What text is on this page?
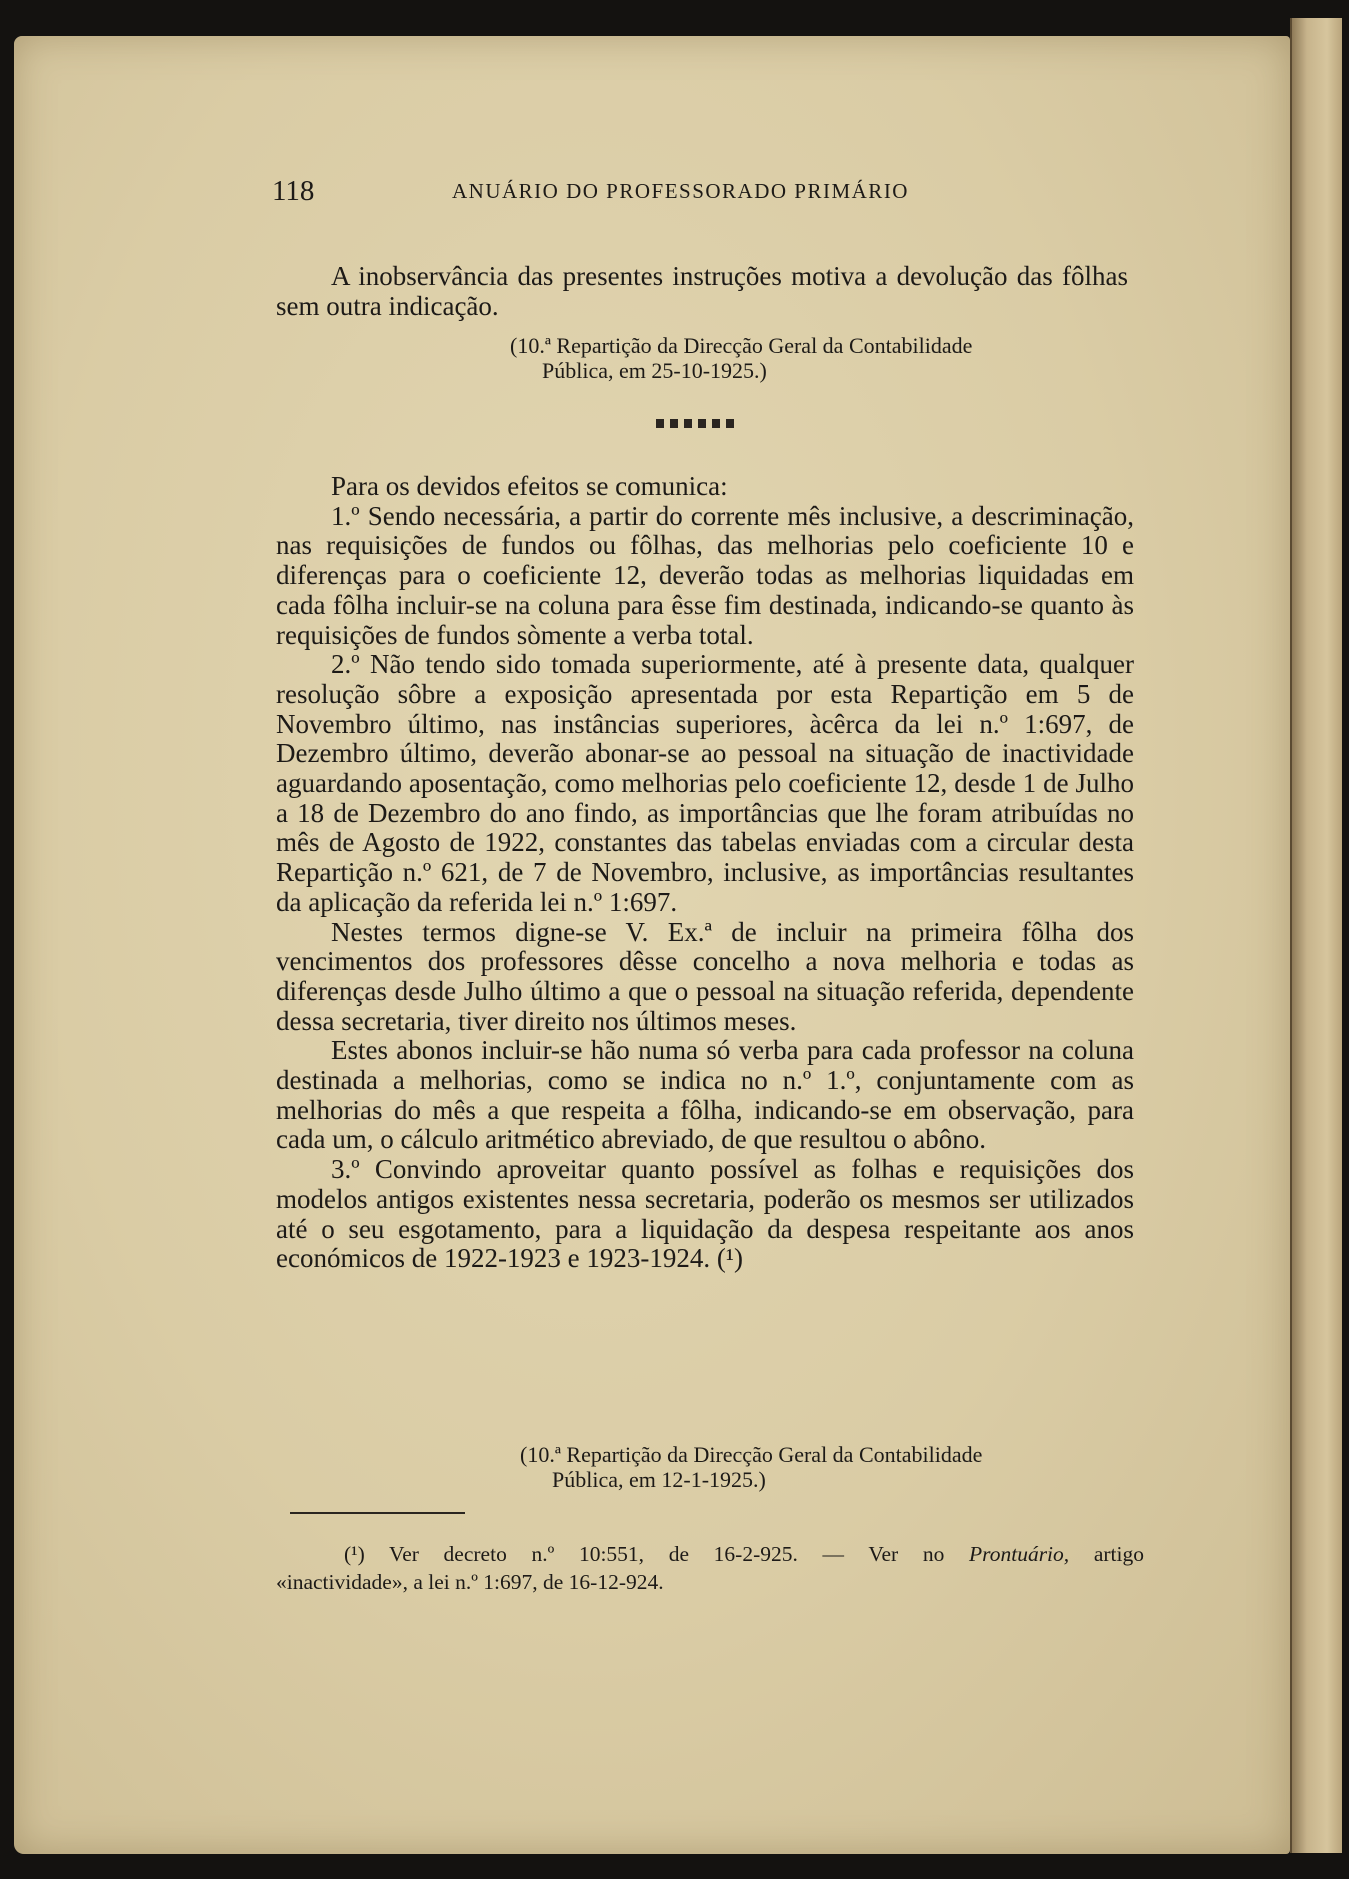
118	ANUÁRIO DO PROFESSORADO PRIMÁRIO

A inobservância das presentes instruções motiva a devolução das fôlhas sem outra indicação.

(10.ª Repartição da Direcção Geral da Contabilidade
Pública, em 25-10-1925.)

Para os devidos efeitos se comunica:

1.º Sendo necessária, a partir do corrente mês inclusive, a descriminação, nas requisições de fundos ou fôlhas, das melhorias pelo coeficiente 10 e diferenças para o coeficiente 12, deverão todas as melhorias liquidadas em cada fôlha incluir-se na coluna para êsse fim destinada, indicando-se quanto às requisições de fundos sòmente a verba total.

2.º Não tendo sido tomada superiormente, até à presente data, qualquer resolução sôbre a exposição apresentada por esta Repartição em 5 de Novembro último, nas instâncias superiores, àcêrca da lei n.º 1:697, de Dezembro último, deverão abonar-se ao pessoal na situação de inactividade aguardando aposentação, como melhorias pelo coeficiente 12, desde 1 de Julho a 18 de Dezembro do ano findo, as importâncias que lhe foram atribuídas no mês de Agosto de 1922, constantes das tabelas enviadas com a circular desta Repartição n.º 621, de 7 de Novembro, inclusive, as importâncias resultantes da aplicação da referida lei n.º 1:697.

Nestes termos digne-se V. Ex.ª de incluir na primeira fôlha dos vencimentos dos professores dêsse concelho a nova melhoria e todas as diferenças desde Julho último a que o pessoal na situação referida, dependente dessa secretaria, tiver direito nos últimos meses.

Estes abonos incluir-se hão numa só verba para cada professor na coluna destinada a melhorias, como se indica no n.º 1.º, conjuntamente com as melhorias do mês a que respeita a fôlha, indicando-se em observação, para cada um, o cálculo aritmético abreviado, de que resultou o abôno.

3.º Convindo aproveitar quanto possível as folhas e requisições dos modelos antigos existentes nessa secretaria, poderão os mesmos ser utilizados até o seu esgotamento, para a liquidação da despesa respeitante aos anos económicos de 1922-1923 e 1923-1924. (¹)

(10.ª Repartição da Direcção Geral da Contabilidade
Pública, em 12-1-1925.)

(¹) Ver decreto n.º 10:551, de 16-2-925. — Ver no Prontuário, artigo

«inactividade», a lei n.º 1:697, de 16-12-924.
